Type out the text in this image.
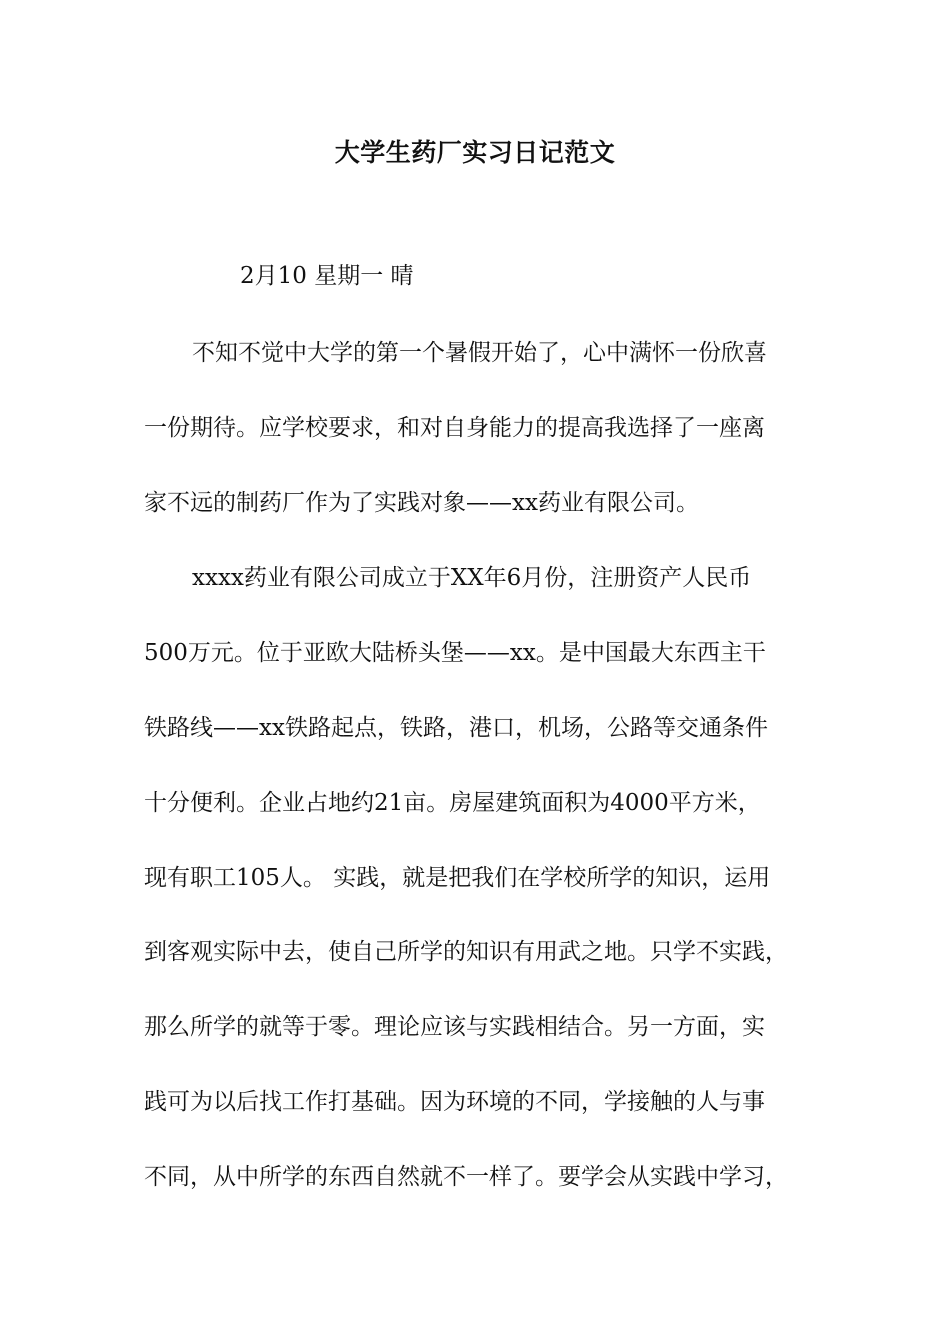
大学生药厂实习日记范文
2月10 星期一 晴
不知不觉中大学的第一个暑假开始了，心中满怀一份欣喜
一份期待。应学校要求，和对自身能力的提高我选择了一座离
家不远的制药厂作为了实践对象——xx药业有限公司。
xxxx药业有限公司成立于XX年6月份，注册资产人民币
500万元。位于亚欧大陆桥头堡——xx。是中国最大东西主干
铁路线——xx铁路起点，铁路，港口，机场，公路等交通条件
十分便利。企业占地约21亩。房屋建筑面积为4000平方米，
现有职工105人。 实践，就是把我们在学校所学的知识，运用
到客观实际中去，使自己所学的知识有用武之地。只学不实践，
那么所学的就等于零。理论应该与实践相结合。另一方面，实
践可为以后找工作打基础。因为环境的不同，学接触的人与事
不同，从中所学的东西自然就不一样了。要学会从实践中学习，
